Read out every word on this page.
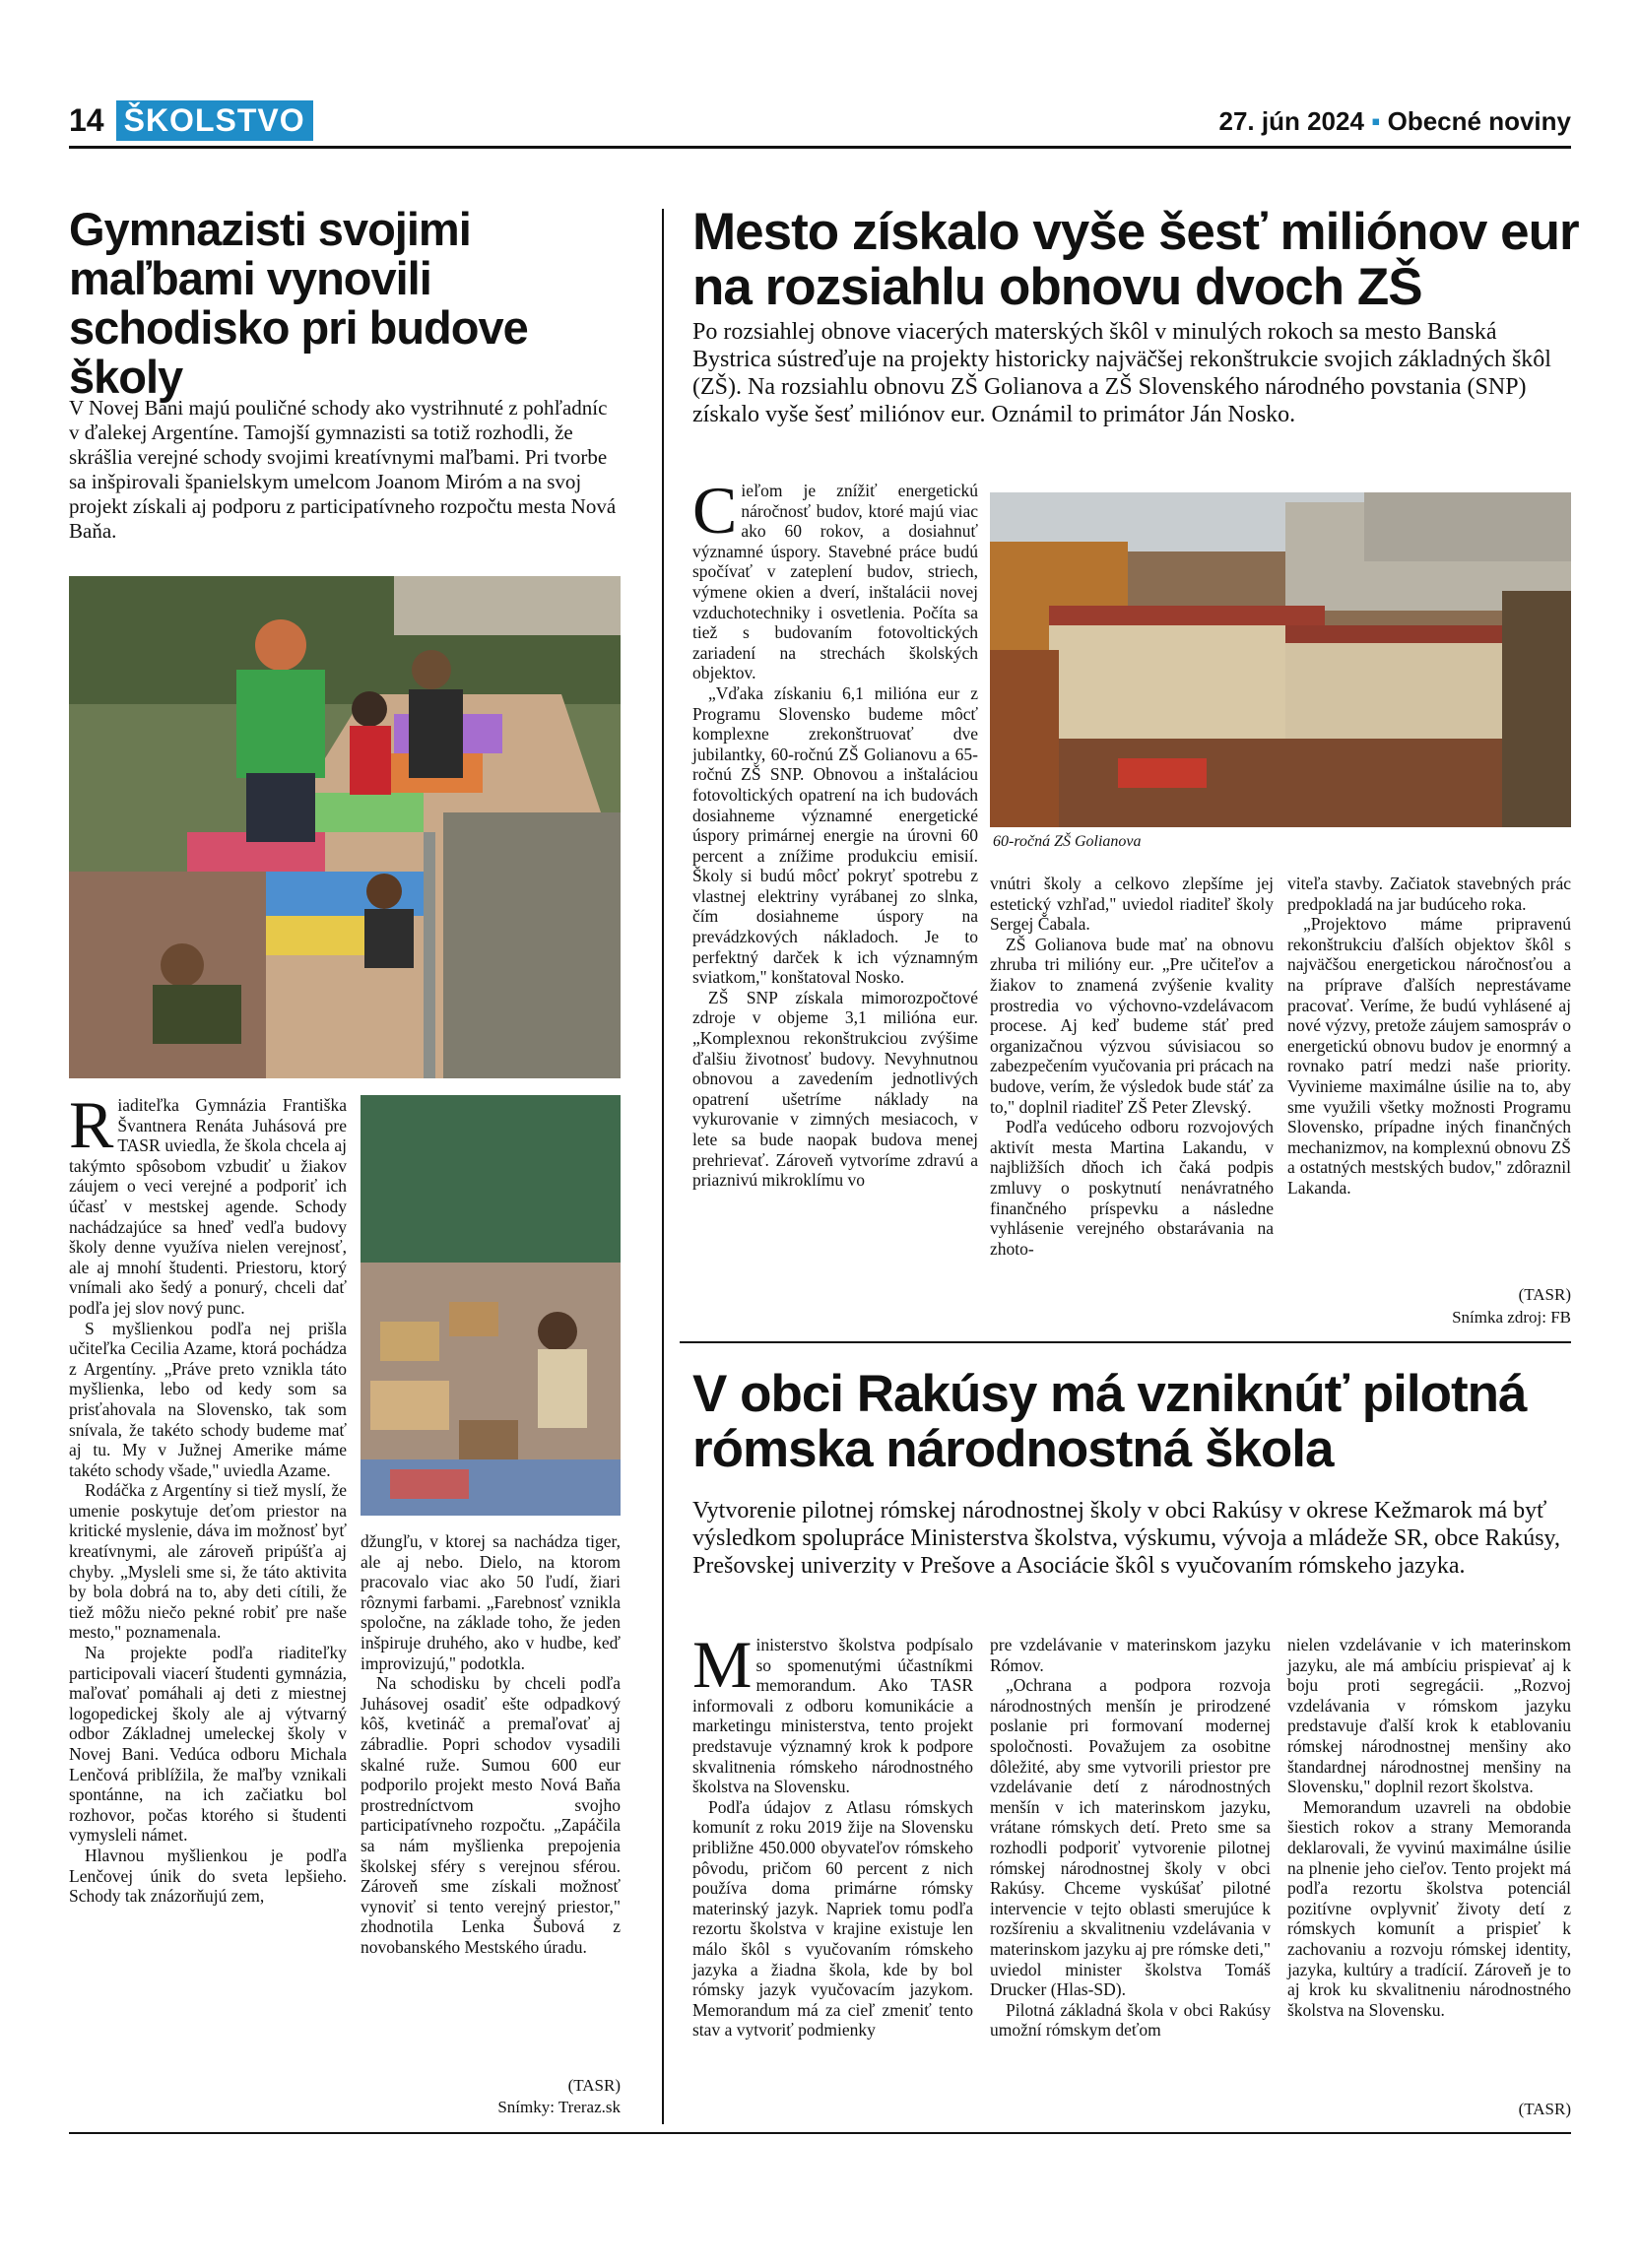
14 ŠKOLSTVO	27. jún 2024 ▪ Obecné noviny
Gymnazisti svojimi maľbami vynovili schodisko pri budove školy
V Novej Bani majú pouličné schody ako vystrihnuté z pohľadníc v ďalekej Argentíne. Tamojší gymnazisti sa totiž rozhodli, že skrášlia verejné schody svojimi kreatívnymi maľbami. Pri tvorbe sa inšpirovali španielskym umelcom Joanom Miróm a na svoj projekt získali aj podporu z participatívneho rozpočtu mesta Nová Baňa.

Riaditeľka Gymnázia Františka Švantnera Renáta Juhásová pre TASR uviedla, že škola chcela aj takýmto spôsobom vzbudiť u žiakov záujem o veci verejné a podporiť ich účasť v mestskej agende. Schody nachádzajúce sa hneď vedľa budovy školy denne využíva nielen verejnosť, ale aj mnohí študenti. Priestoru, ktorý vnímali ako šedý a ponurý, chceli dať podľa jej slov nový punc.

S myšlienkou podľa nej prišla učiteľka Cecilia Azame, ktorá pochádza z Argentíny. „Práve preto vznikla táto myšlienka, lebo od kedy som sa prisťahovala na Slovensko, tak som snívala, že takéto schody budeme mať aj tu. My v Južnej Amerike máme takéto schody všade," uviedla Azame.

Rodáčka z Argentíny si tiež myslí, že umenie poskytuje deťom priestor na kritické myslenie, dáva im možnosť byť kreatívnymi, ale zároveň pripúšťa aj chyby. „Mysleli sme si, že táto aktivita by bola dobrá na to, aby deti cítili, že tiež môžu niečo pekné robiť pre naše mesto," poznamenala.

Na projekte podľa riaditeľky participovali viacerí študenti gymnázia, maľovať pomáhali aj deti z miestnej logopedickej školy ale aj výtvarný odbor Základnej umeleckej školy v Novej Bani. Vedúca odboru Michala Lenčová priblížila, že maľby vznikali spontánne, na ich začiatku bol rozhovor, počas ktorého si študenti vymysleli námet.

Hlavnou myšlienkou je podľa Lenčovej únik do sveta lepšieho. Schody tak znázorňujú zem,

džungľu, v ktorej sa nachádza tiger, ale aj nebo. Dielo, na ktorom pracovalo viac ako 50 ľudí, žiari rôznymi farbami. „Farebnosť vznikla spoločne, na základe toho, že jeden inšpiruje druhého, ako v hudbe, keď improvizujú," podotkla.

Na schodisku by chceli podľa Juhásovej osadiť ešte odpadkový kôš, kvetináč a premaľovať aj zábradlie. Popri schodov vysadili skalné ruže. Sumou 600 eur podporilo projekt mesto Nová Baňa prostredníctvom svojho participatívneho rozpočtu. „Zapáčila sa nám myšlienka prepojenia školskej sféry s verejnou sférou. Zároveň sme získali možnosť vynoviť si tento verejný priestor," zhodnotila Lenka Šubová z novobanského Mestského úradu.

(TASR)
Snímky: Treraz.sk
Mesto získalo vyše šesť miliónov eur na rozsiahlu obnovu dvoch ZŠ
Po rozsiahlej obnove viacerých materských škôl v minulých rokoch sa mesto Banská Bystrica sústreďuje na projekty historicky najväčšej rekonštrukcie svojich základných škôl (ZŠ). Na rozsiahlu obnovu ZŠ Golianova a ZŠ Slovenského národného povstania (SNP) získalo vyše šesť miliónov eur. Oznámil to primátor Ján Nosko.

Cieľom je znížiť energetickú náročnosť budov, ktoré majú viac ako 60 rokov, a dosiahnuť významné úspory. Stavebné práce budú spočívať v zateplení budov, striech, výmene okien a dverí, inštalácii novej vzduchotechniky i osvetlenia. Počíta sa tiež s budovaním fotovoltických zariadení na strechách školských objektov.

„Vďaka získaniu 6,1 milióna eur z Programu Slovensko budeme môcť komplexne zrekonštruovať dve jubilantky, 60-ročnú ZŠ Golianovu a 65-ročnú ZŠ SNP. Obnovou a inštaláciou fotovoltických opatrení na ich budovách dosiahneme významné energetické úspory primárnej energie na úrovni 60 percent a znížime produkciu emisií. Školy si budú môcť pokryť spotrebu z vlastnej elektriny vyrábanej zo slnka, čím dosiahneme úspory na prevádzkových nákladoch. Je to perfektný darček k ich významným sviatkom," konštatoval Nosko.

ZŠ SNP získala mimorozpočtové zdroje v objeme 3,1 milióna eur. „Komplexnou rekonštrukciou zvýšime ďalšiu životnosť budovy. Nevyhnutnou obnovou a zavedením jednotlivých opatrení ušetríme náklady na vykurovanie v zimných mesiacoch, v lete sa bude naopak budova menej prehrievať. Zároveň vytvoríme zdravú a priaznivú mikroklímu vo

60-ročná ZŠ Golianova

vnútri školy a celkovo zlepšíme jej estetický vzhľad," uviedol riaditeľ školy Sergej Čabala.

ZŠ Golianova bude mať na obnovu zhruba tri milióny eur. „Pre učiteľov a žiakov to znamená zvýšenie kvality prostredia vo výchovno-vzdelávacom procese. Aj keď budeme stáť pred organizačnou výzvou súvisiacou so zabezpečením vyučovania pri prácach na budove, verím, že výsledok bude stáť za to," doplnil riaditeľ ZŠ Peter Zlevský.

Podľa vedúceho odboru rozvojových aktivít mesta Martina Lakandu, v najbližších dňoch ich čaká podpis zmluvy o poskytnutí nenávratného finančného príspevku a následne vyhlásenie verejného obstarávania na zhoto-

viteľa stavby. Začiatok stavebných prác predpokladá na jar budúceho roka.

„Projektovo máme pripravenú rekonštrukciu ďalších objektov škôl s najväčšou energetickou náročnosťou a na príprave ďalších neprestávame pracovať. Veríme, že budú vyhlásené aj nové výzvy, pretože záujem samospráv o energetickú obnovu budov je enormný a rovnako patrí medzi naše priority. Vyvinieme maximálne úsilie na to, aby sme využili všetky možnosti Programu Slovensko, prípadne iných finančných mechanizmov, na komplexnú obnovu ZŠ a ostatných mestských budov," zdôraznil Lakanda.

(TASR)
Snímka zdroj: FB
V obci Rakúsy má vzniknúť pilotná rómska národnostná škola
Vytvorenie pilotnej rómskej národnostnej školy v obci Rakúsy v okrese Kežmarok má byť výsledkom spolupráce Ministerstva školstva, výskumu, vývoja a mládeže SR, obce Rakúsy, Prešovskej univerzity v Prešove a Asociácie škôl s vyučovaním rómskeho jazyka.

Ministerstvo školstva podpísalo so spomenutými účastníkmi memorandum. Ako TASR informovali z odboru komunikácie a marketingu ministerstva, tento projekt predstavuje významný krok k podpore skvalitnenia rómskeho národnostného školstva na Slovensku.

Podľa údajov z Atlasu rómskych komunít z roku 2019 žije na Slovensku približne 450.000 obyvateľov rómskeho pôvodu, pričom 60 percent z nich používa doma primárne rómsky materinský jazyk. Napriek tomu podľa rezortu školstva v krajine existuje len málo škôl s vyučovaním rómskeho jazyka a žiadna škola, kde by bol rómsky jazyk vyučovacím jazykom. Memorandum má za cieľ zmeniť tento stav a vytvoriť podmienky

pre vzdelávanie v materinskom jazyku Rómov.

„Ochrana a podpora rozvoja národnostných menšín je prirodzené poslanie pri formovaní modernej spoločnosti. Považujem za osobitne dôležité, aby sme vytvorili priestor pre vzdelávanie detí z národnostných menšín v ich materinskom jazyku, vrátane rómskych detí. Preto sme sa rozhodli podporiť vytvorenie pilotnej rómskej národnostnej školy v obci Rakúsy. Chceme vyskúšať pilotné intervencie v tejto oblasti smerujúce k rozšíreniu a skvalitneniu vzdelávania v materinskom jazyku aj pre rómske deti," uviedol minister školstva Tomáš Drucker (Hlas-SD).

Pilotná základná škola v obci Rakúsy umožní rómskym deťom

nielen vzdelávanie v ich materinskom jazyku, ale má ambíciu prispievať aj k boju proti segregácii. „Rozvoj vzdelávania v rómskom jazyku predstavuje ďalší krok k etablovaniu rómskej národnostnej menšiny ako štandardnej národnostnej menšiny na Slovensku," doplnil rezort školstva.

Memorandum uzavreli na obdobie šiestich rokov a strany Memoranda deklarovali, že vyvinú maximálne úsilie na plnenie jeho cieľov. Tento projekt má podľa rezortu školstva potenciál pozitívne ovplyvniť životy detí z rómskych komunít a prispieť k zachovaniu a rozvoju rómskej identity, jazyka, kultúry a tradícií. Zároveň je to aj krok ku skvalitneniu národnostného školstva na Slovensku.

(TASR)
